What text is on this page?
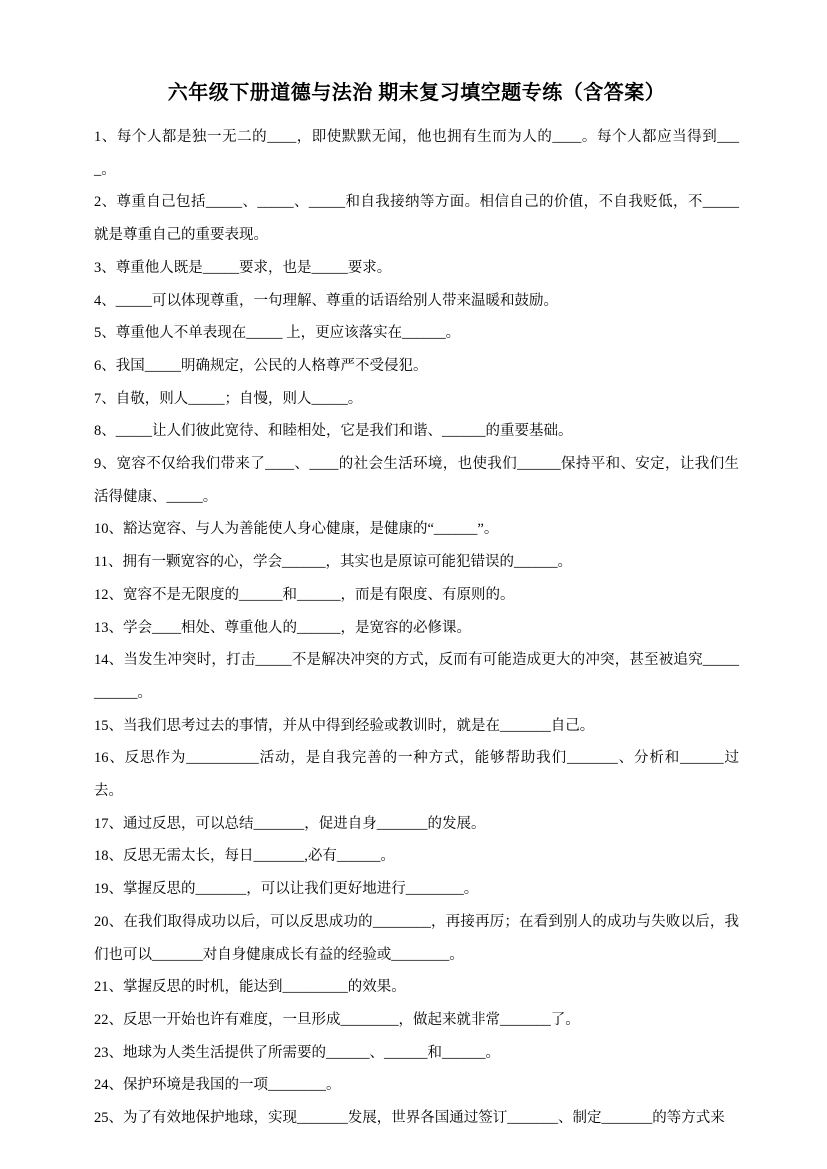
六年级下册道德与法治 期末复习填空题专练（含答案）

1、每个人都是独一无二的____，即使默默无闻，他也拥有生而为人的____。每个人都应当得到____。

2、尊重自己包括_____、_____、_____和自我接纳等方面。相信自己的价值，不自我贬低，不_____就是尊重自己的重要表现。

3、尊重他人既是_____要求，也是_____要求。

4、_____可以体现尊重，一句理解、尊重的话语给别人带来温暖和鼓励。

5、尊重他人不单表现在_____ 上，更应该落实在______。

6、我国_____明确规定，公民的人格尊严不受侵犯。

7、自敬，则人_____；自慢，则人_____。

8、_____让人们彼此宽待、和睦相处，它是我们和谐、______的重要基础。

9、宽容不仅给我们带来了____、____的社会生活环境，也使我们______保持平和、安定，让我们生活得健康、_____。

10、豁达宽容、与人为善能使人身心健康，是健康的“______”。

11、拥有一颗宽容的心，学会______，其实也是原谅可能犯错误的______。

12、宽容不是无限度的______和______，而是有限度、有原则的。

13、学会____相处、尊重他人的______，是宽容的必修课。

14、当发生冲突时，打击_____不是解决冲突的方式，反而有可能造成更大的冲突，甚至被追究___________。

15、当我们思考过去的事情，并从中得到经验或教训时，就是在_______自己。

16、反思作为__________活动，是自我完善的一种方式，能够帮助我们_______、分析和______过去。

17、通过反思，可以总结_______，促进自身_______的发展。

18、反思无需太长，每日_______,必有______。

19、掌握反思的_______，可以让我们更好地进行________。

20、在我们取得成功以后，可以反思成功的________，再接再厉；在看到别人的成功与失败以后，我们也可以_______对自身健康成长有益的经验或________。

21、掌握反思的时机，能达到_________的效果。

22、反思一开始也许有难度，一旦形成________，做起来就非常_______了。

23、地球为人类生活提供了所需要的______、______和______。

24、保护环境是我国的一项________。

25、为了有效地保护地球，实现_______发展，世界各国通过签订_______、制定_______的等方式来
